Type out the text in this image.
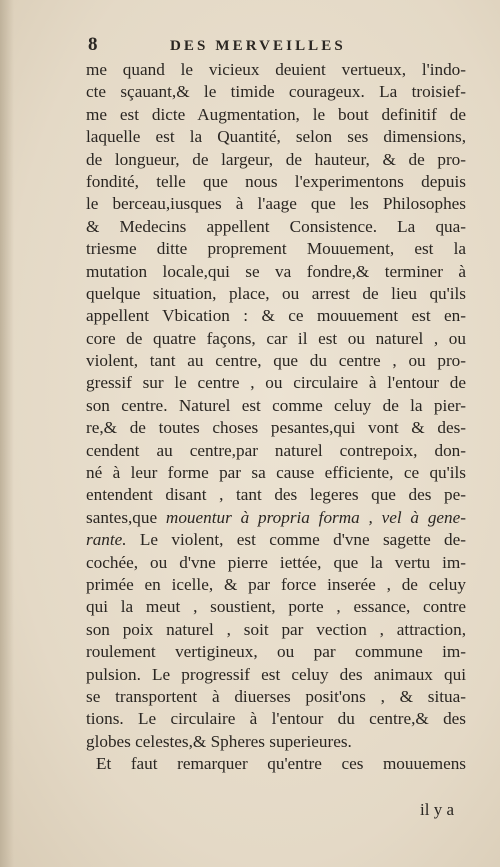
8	DES MERVEILLES
me quand le vicieux deuient vertueux, l'indo-
cte sçauant,& le timide courageux. La troisief-
me est dicte Augmentation, le bout definitif de
laquelle est la Quantité, selon ses dimensions,
de longueur, de largeur, de hauteur, & de pro-
fondité, telle que nous l'experimentons depuis
le berceau,iusques à l'aage que les Philosophes
& Medecins appellent Consistence. La qua-
triesme ditte proprement Mouuement, est la
mutation locale,qui se va fondre,& terminer à
quelque situation, place, ou arrest de lieu qu'ils
appellent Vbication : & ce mouuement est en-
core de quatre façons, car il est ou naturel , ou
violent, tant au centre, que du centre , ou pro-
gressif sur le centre , ou circulaire à l'entour de
son centre. Naturel est comme celuy de la pier-
re,& de toutes choses pesantes,qui vont & des-
cendent au centre,par naturel contrepoix, don-
né à leur forme par sa cause efficiente, ce qu'ils
entendent disant , tant des legeres que des pe-
santes,que mouentur à propria forma , vel à gene-
rante. Le violent, est comme d'vne sagette de-
cochée, ou d'vne pierre iettée, que la vertu im-
primée en icelle, & par force inserée , de celuy
qui la meut , soustient, porte , essance, contre
son poix naturel , soit par vection , attraction,
roulement vertigineux, ou par commune im-
pulsion. Le progressif est celuy des animaux qui
se transportent à diuerses posit'ons , & situa-
tions. Le circulaire à l'entour du centre,& des
globes celestes,& Spheres superieures.
Et faut remarquer qu'entre ces mouuemens
il y a
